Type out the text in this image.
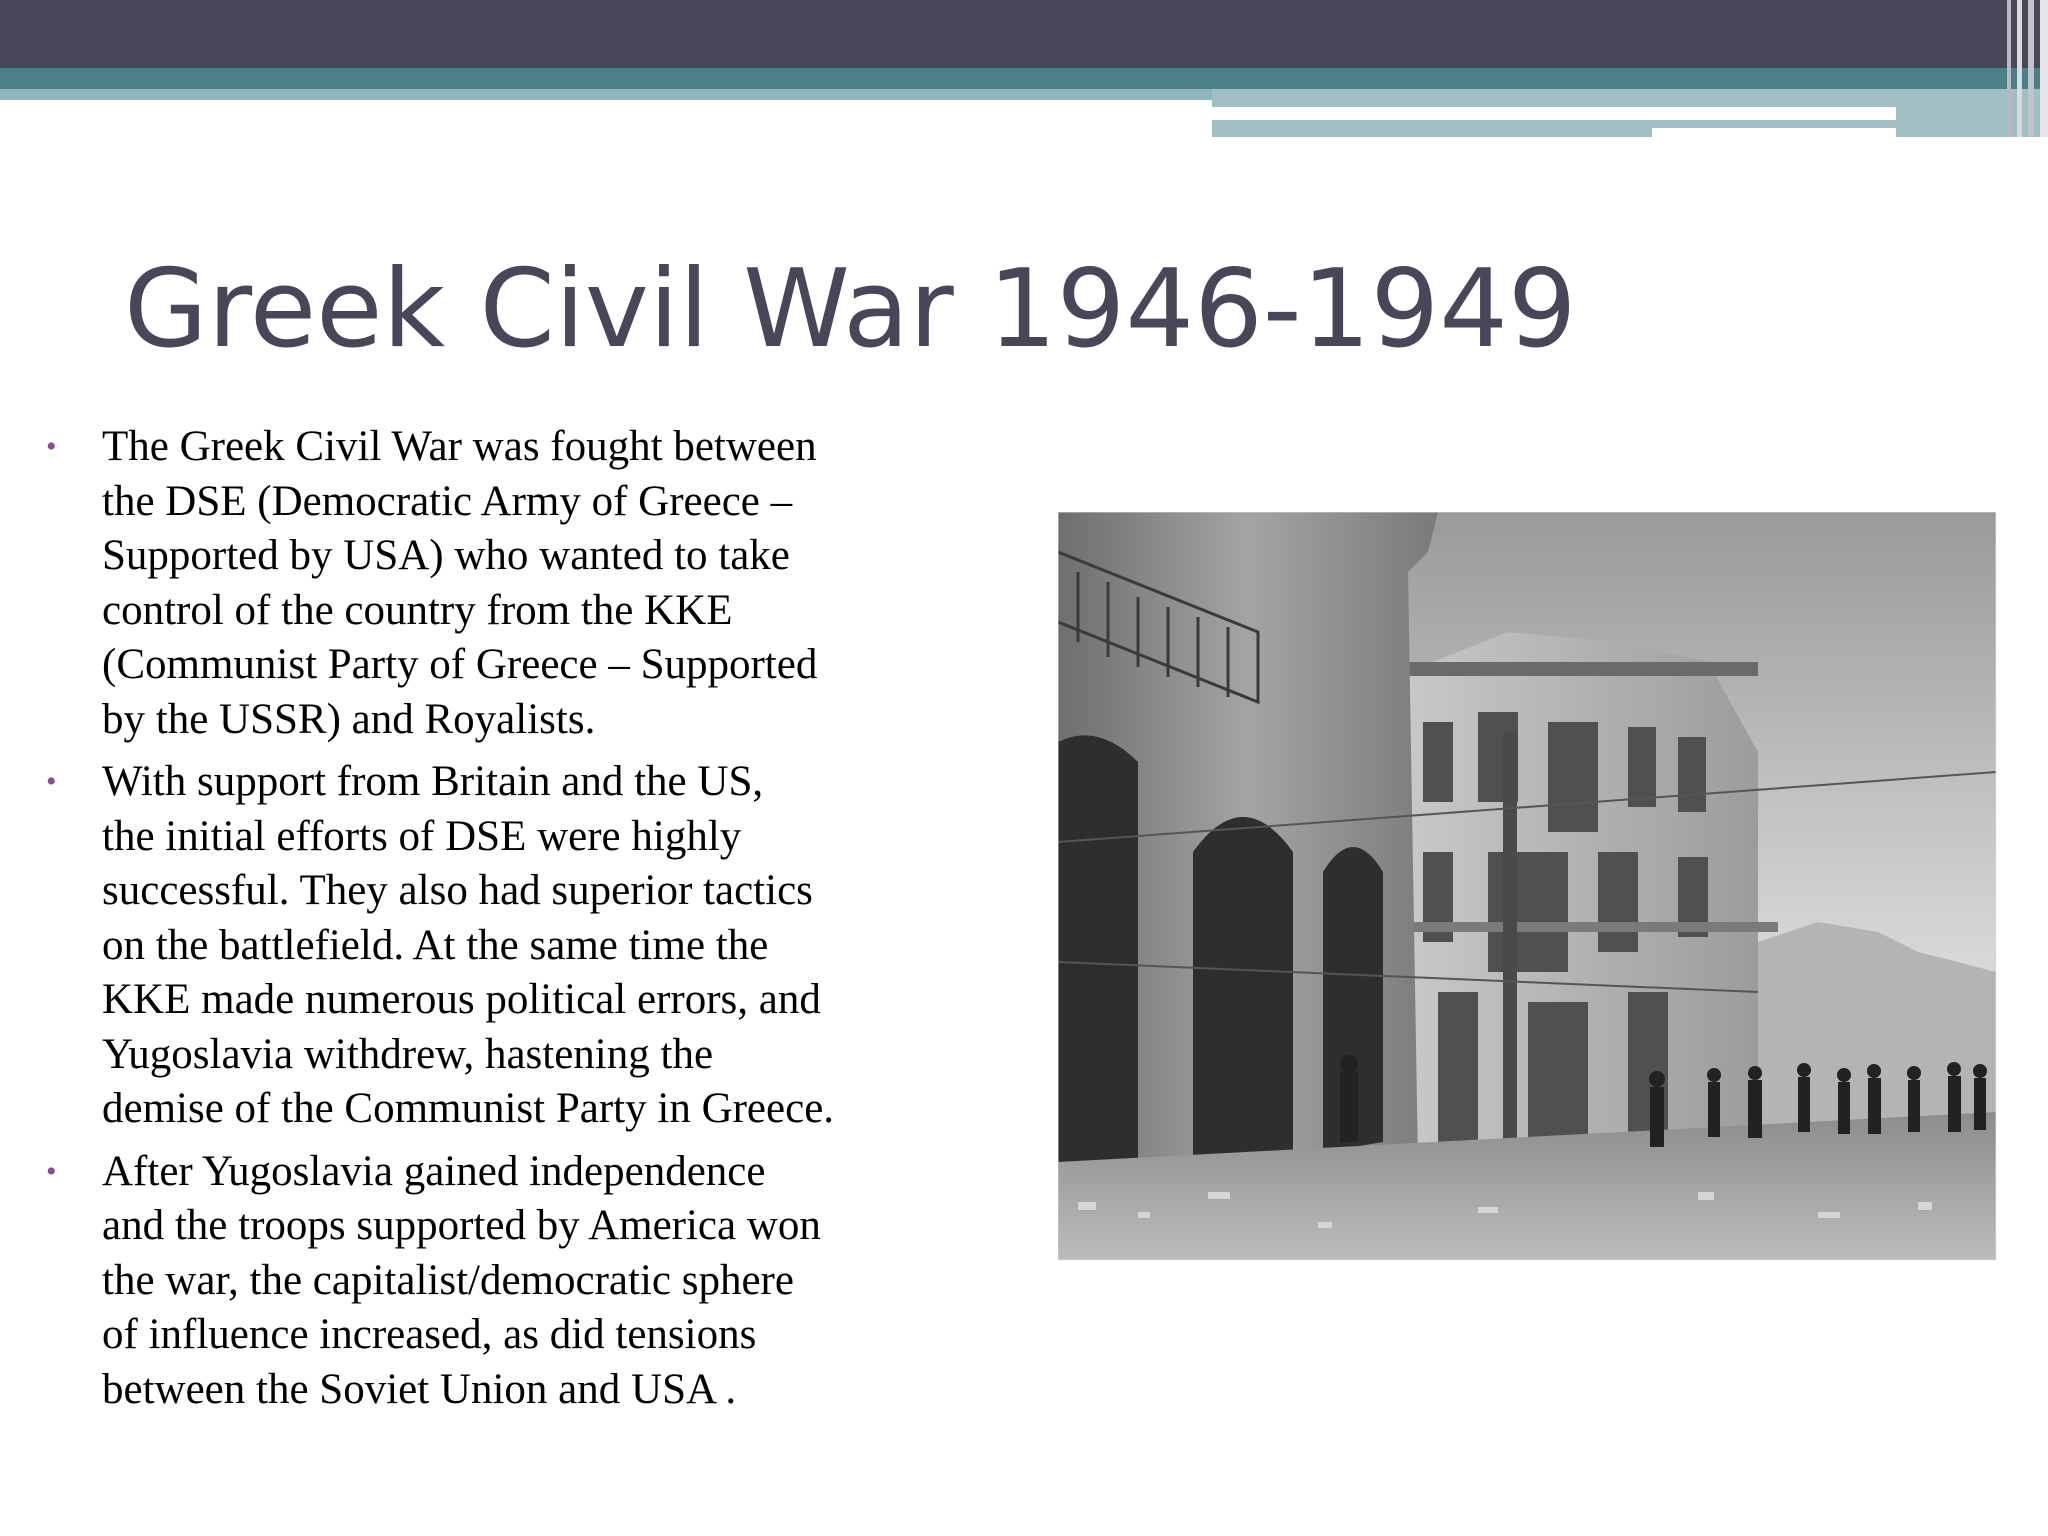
Greek Civil War 1946-1949
• The Greek Civil War was fought between
the DSE (Democratic Army of Greece –
Supported by USA) who wanted to take
control of the country from the KKE
(Communist Party of Greece – Supported
by the USSR) and Royalists.
• With support from Britain and the US,
the initial efforts of DSE were highly
successful. They also had superior tactics
on the battlefield. At the same time the
KKE made numerous political errors, and
Yugoslavia withdrew, hastening the
demise of the Communist Party in Greece.
• After Yugoslavia gained independence
and the troops supported by America won
the war, the capitalist/democratic sphere
of influence increased, as did tensions
between the Soviet Union and USA .
